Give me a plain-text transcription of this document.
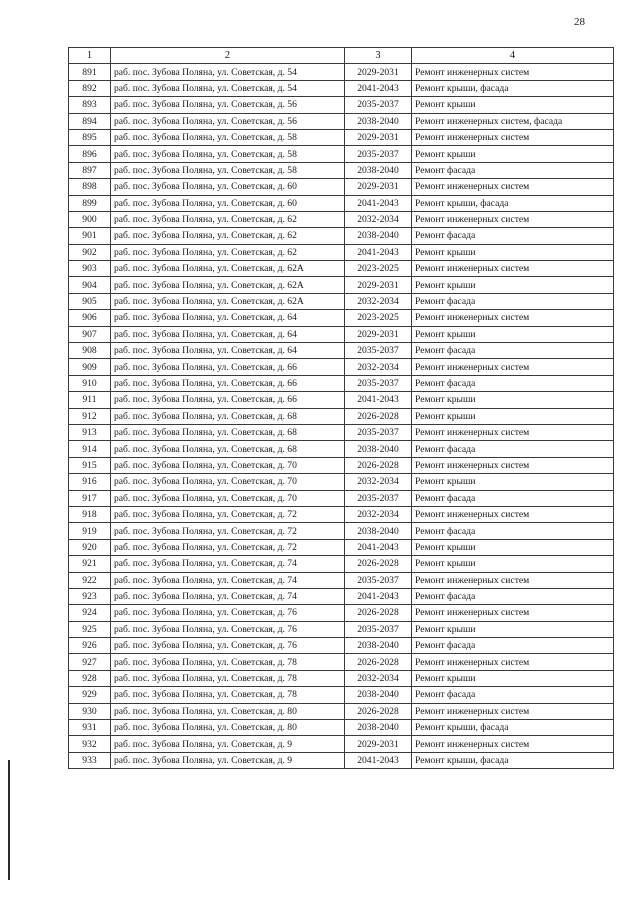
28
1	2	3	4
891	раб. пос. Зубова Поляна, ул. Советская, д. 54	2029-2031	Ремонт инженерных систем
892	раб. пос. Зубова Поляна, ул. Советская, д. 54	2041-2043	Ремонт крыши, фасада
893	раб. пос. Зубова Поляна, ул. Советская, д. 56	2035-2037	Ремонт крыши
894	раб. пос. Зубова Поляна, ул. Советская, д. 56	2038-2040	Ремонт инженерных систем, фасада
895	раб. пос. Зубова Поляна, ул. Советская, д. 58	2029-2031	Ремонт инженерных систем
896	раб. пос. Зубова Поляна, ул. Советская, д. 58	2035-2037	Ремонт крыши
897	раб. пос. Зубова Поляна, ул. Советская, д. 58	2038-2040	Ремонт фасада
898	раб. пос. Зубова Поляна, ул. Советская, д. 60	2029-2031	Ремонт инженерных систем
899	раб. пос. Зубова Поляна, ул. Советская, д. 60	2041-2043	Ремонт крыши, фасада
900	раб. пос. Зубова Поляна, ул. Советская, д. 62	2032-2034	Ремонт инженерных систем
901	раб. пос. Зубова Поляна, ул. Советская, д. 62	2038-2040	Ремонт фасада
902	раб. пос. Зубова Поляна, ул. Советская, д. 62	2041-2043	Ремонт крыши
903	раб. пос. Зубова Поляна, ул. Советская, д. 62А	2023-2025	Ремонт инженерных систем
904	раб. пос. Зубова Поляна, ул. Советская, д. 62А	2029-2031	Ремонт крыши
905	раб. пос. Зубова Поляна, ул. Советская, д. 62А	2032-2034	Ремонт фасада
906	раб. пос. Зубова Поляна, ул. Советская, д. 64	2023-2025	Ремонт инженерных систем
907	раб. пос. Зубова Поляна, ул. Советская, д. 64	2029-2031	Ремонт крыши
908	раб. пос. Зубова Поляна, ул. Советская, д. 64	2035-2037	Ремонт фасада
909	раб. пос. Зубова Поляна, ул. Советская, д. 66	2032-2034	Ремонт инженерных систем
910	раб. пос. Зубова Поляна, ул. Советская, д. 66	2035-2037	Ремонт фасада
911	раб. пос. Зубова Поляна, ул. Советская, д. 66	2041-2043	Ремонт крыши
912	раб. пос. Зубова Поляна, ул. Советская, д. 68	2026-2028	Ремонт крыши
913	раб. пос. Зубова Поляна, ул. Советская, д. 68	2035-2037	Ремонт инженерных систем
914	раб. пос. Зубова Поляна, ул. Советская, д. 68	2038-2040	Ремонт фасада
915	раб. пос. Зубова Поляна, ул. Советская, д. 70	2026-2028	Ремонт инженерных систем
916	раб. пос. Зубова Поляна, ул. Советская, д. 70	2032-2034	Ремонт крыши
917	раб. пос. Зубова Поляна, ул. Советская, д. 70	2035-2037	Ремонт фасада
918	раб. пос. Зубова Поляна, ул. Советская, д. 72	2032-2034	Ремонт инженерных систем
919	раб. пос. Зубова Поляна, ул. Советская, д. 72	2038-2040	Ремонт фасада
920	раб. пос. Зубова Поляна, ул. Советская, д. 72	2041-2043	Ремонт крыши
921	раб. пос. Зубова Поляна, ул. Советская, д. 74	2026-2028	Ремонт крыши
922	раб. пос. Зубова Поляна, ул. Советская, д. 74	2035-2037	Ремонт инженерных систем
923	раб. пос. Зубова Поляна, ул. Советская, д. 74	2041-2043	Ремонт фасада
924	раб. пос. Зубова Поляна, ул. Советская, д. 76	2026-2028	Ремонт инженерных систем
925	раб. пос. Зубова Поляна, ул. Советская, д. 76	2035-2037	Ремонт крыши
926	раб. пос. Зубова Поляна, ул. Советская, д. 76	2038-2040	Ремонт фасада
927	раб. пос. Зубова Поляна, ул. Советская, д. 78	2026-2028	Ремонт инженерных систем
928	раб. пос. Зубова Поляна, ул. Советская, д. 78	2032-2034	Ремонт крыши
929	раб. пос. Зубова Поляна, ул. Советская, д. 78	2038-2040	Ремонт фасада
930	раб. пос. Зубова Поляна, ул. Советская, д. 80	2026-2028	Ремонт инженерных систем
931	раб. пос. Зубова Поляна, ул. Советская, д. 80	2038-2040	Ремонт крыши, фасада
932	раб. пос. Зубова Поляна, ул. Советская, д. 9	2029-2031	Ремонт инженерных систем
933	раб. пос. Зубова Поляна, ул. Советская, д. 9	2041-2043	Ремонт крыши, фасада
